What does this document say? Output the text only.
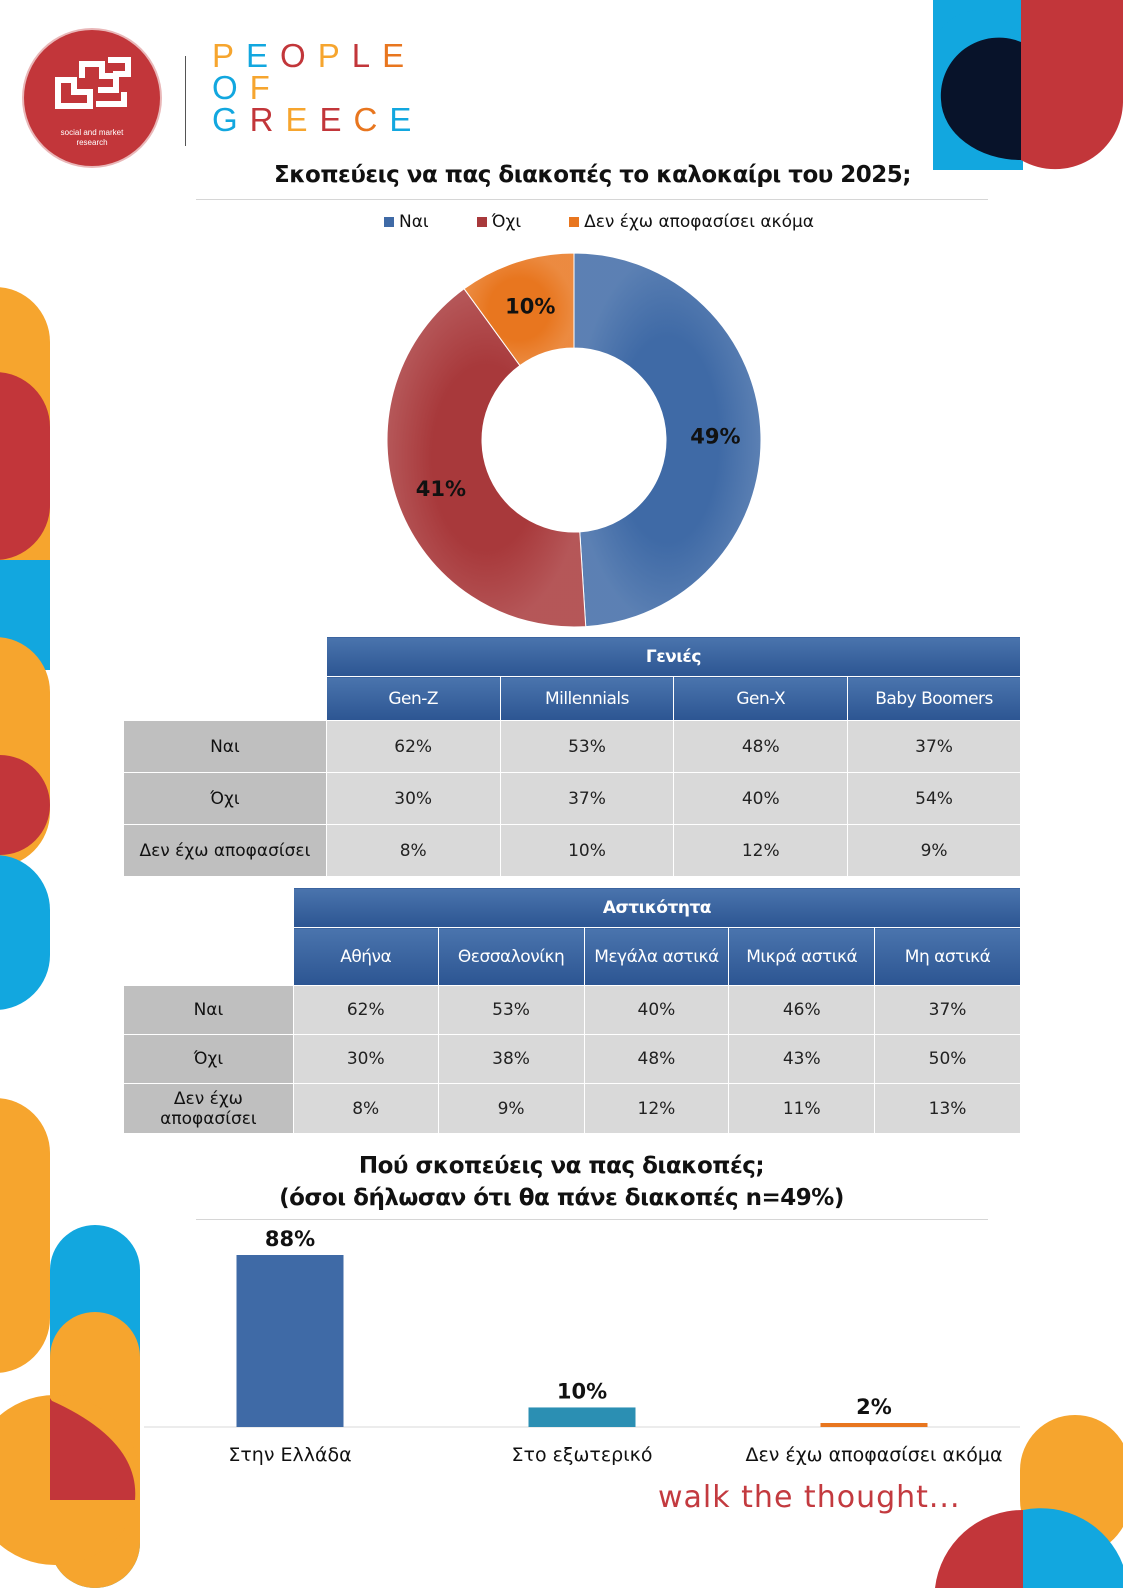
social and market research
PEOPLE
OF
GREECE
Σκοπεύεις να πας διακοπές το καλοκαίρι του 2025;
Ναι	Όχι	Δεν έχω αποφασίσει ακόμα
49%
41%
10%
	Γενιές			
	Gen-Z	Millennials	Gen-X	Baby Boomers
Ναι	62%	53%	48%	37%
Όχι	30%	37%	40%	54%
Δεν έχω αποφασίσει	8%	10%	12%	9%
	Αστικότητα				
	Αθήνα	Θεσσαλονίκη	Μεγάλα αστικά	Μικρά αστικά	Μη αστικά
Ναι	62%	53%	40%	46%	37%
Όχι	30%	38%	48%	43%	50%
Δεν έχω αποφασίσει	8%	9%	12%	11%	13%
Πού σκοπεύεις να πας διακοπές;
(όσοι δήλωσαν ότι θα πάνε διακοπές n=49%)
88%
Στην Ελλάδα
10%
Στο εξωτερικό
2%
Δεν έχω αποφασίσει ακόμα
walk the thought...
